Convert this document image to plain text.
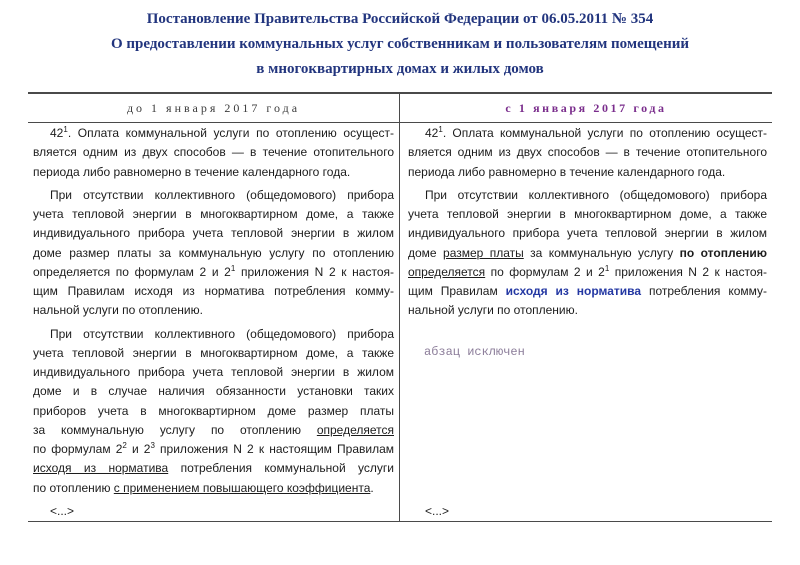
Постановление Правительства Российской Федерации от 06.05.2011 № 354
О предоставлении коммунальных услуг собственникам и пользователям помещений
в многоквартирных домах и жилых домов
до 1 января 2017 года	с 1 января 2017 года
$42^1$. Оплата коммунальной услуги по отоплению осущест-
вляется одним из двух способов — в течение отопительного
периода либо равномерно в течение календарного года.
При отсутствии коллективного (общедомового) прибора
учета тепловой энергии в многоквартирном доме, а также
индивидуального прибора учета тепловой энергии в жилом
доме размер платы за коммунальную услугу по отоплению
определяется по формулам 2 и $2^1$ приложения N 2 к настоя-
щим Правилам исходя из норматива потребления комму-
нальной услуги по отоплению.
При отсутствии коллективного (общедомового) прибора
учета тепловой энергии в многоквартирном доме, а также
индивидуального прибора учета тепловой энергии в жилом
доме и в случае наличия обязанности установки таких
приборов учета в многоквартирном доме размер платы
за коммунальную услугу по отоплению определяется
по формулам $2^2$ и $2^3$ приложения N 2 к настоящим Правилам
исходя из норматива потребления коммунальной услуги
по отоплению с применением повышающего коэффициента.
<...>
$42^1$. Оплата коммунальной услуги по отоплению осущест-
вляется одним из двух способов — в течение отопительного
периода либо равномерно в течение календарного года.
При отсутствии коллективного (общедомового) прибора
учета тепловой энергии в многоквартирном доме, а также
индивидуального прибора учета тепловой энергии в жилом
доме размер платы за коммунальную услугу по отоплению
определяется по формулам 2 и $2^1$ приложения N 2 к настоя-
щим Правилам исходя из норматива потребления комму-
нальной услуги по отоплению.
абзац исключен
<...>
